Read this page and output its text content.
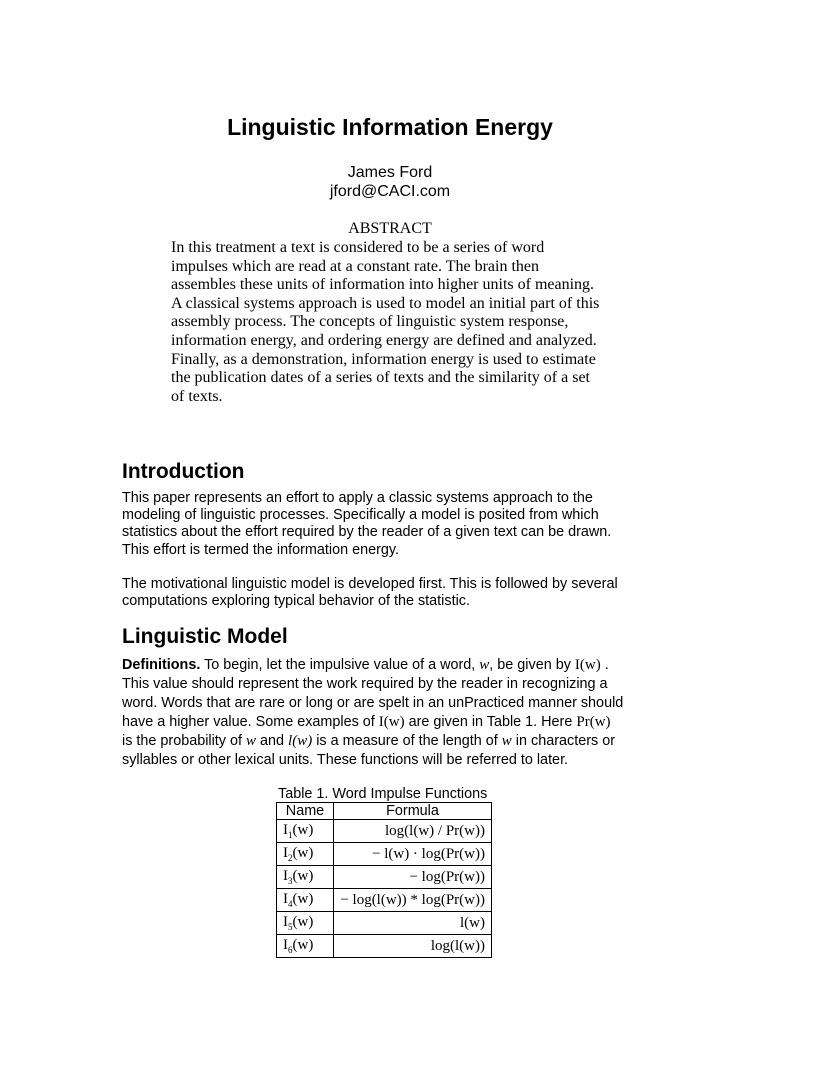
Linguistic Information Energy
James Ford
jford@CACI.com
ABSTRACT
In this treatment a text is considered to be a series of word
impulses which are read at a constant rate. The brain then
assembles these units of information into higher units of meaning.
A classical systems approach is used to model an initial part of this
assembly process. The concepts of linguistic system response,
information energy, and ordering energy are defined and analyzed.
Finally, as a demonstration, information energy is used to estimate
the publication dates of a series of texts and the similarity of a set
of texts.
Introduction
This paper represents an effort to apply a classic systems approach to the
modeling of linguistic processes. Specifically a model is posited from which
statistics about the effort required by the reader of a given text can be drawn.
This effort is termed the information energy.
The motivational linguistic model is developed first. This is followed by several
computations exploring typical behavior of the statistic.
Linguistic Model
Definitions. To begin, let the impulsive value of a word, w, be given by I(w) .
This value should represent the work required by the reader in recognizing a
word. Words that are rare or long or are spelt in an unPracticed manner should
have a higher value. Some examples of I(w) are given in Table 1. Here Pr(w)
is the probability of w and l(w) is a measure of the length of w in characters or
syllables or other lexical units. These functions will be referred to later.
Table 1. Word Impulse Functions
Name	Formula
$I_1(w)$	log(l(w) / Pr(w))
$I_2(w)$	− l(w) · log(Pr(w))
$I_3(w)$	− log(Pr(w))
$I_4(w)$	− log(l(w)) * log(Pr(w))
$I_5(w)$	l(w)
$I_6(w)$	log(l(w))
